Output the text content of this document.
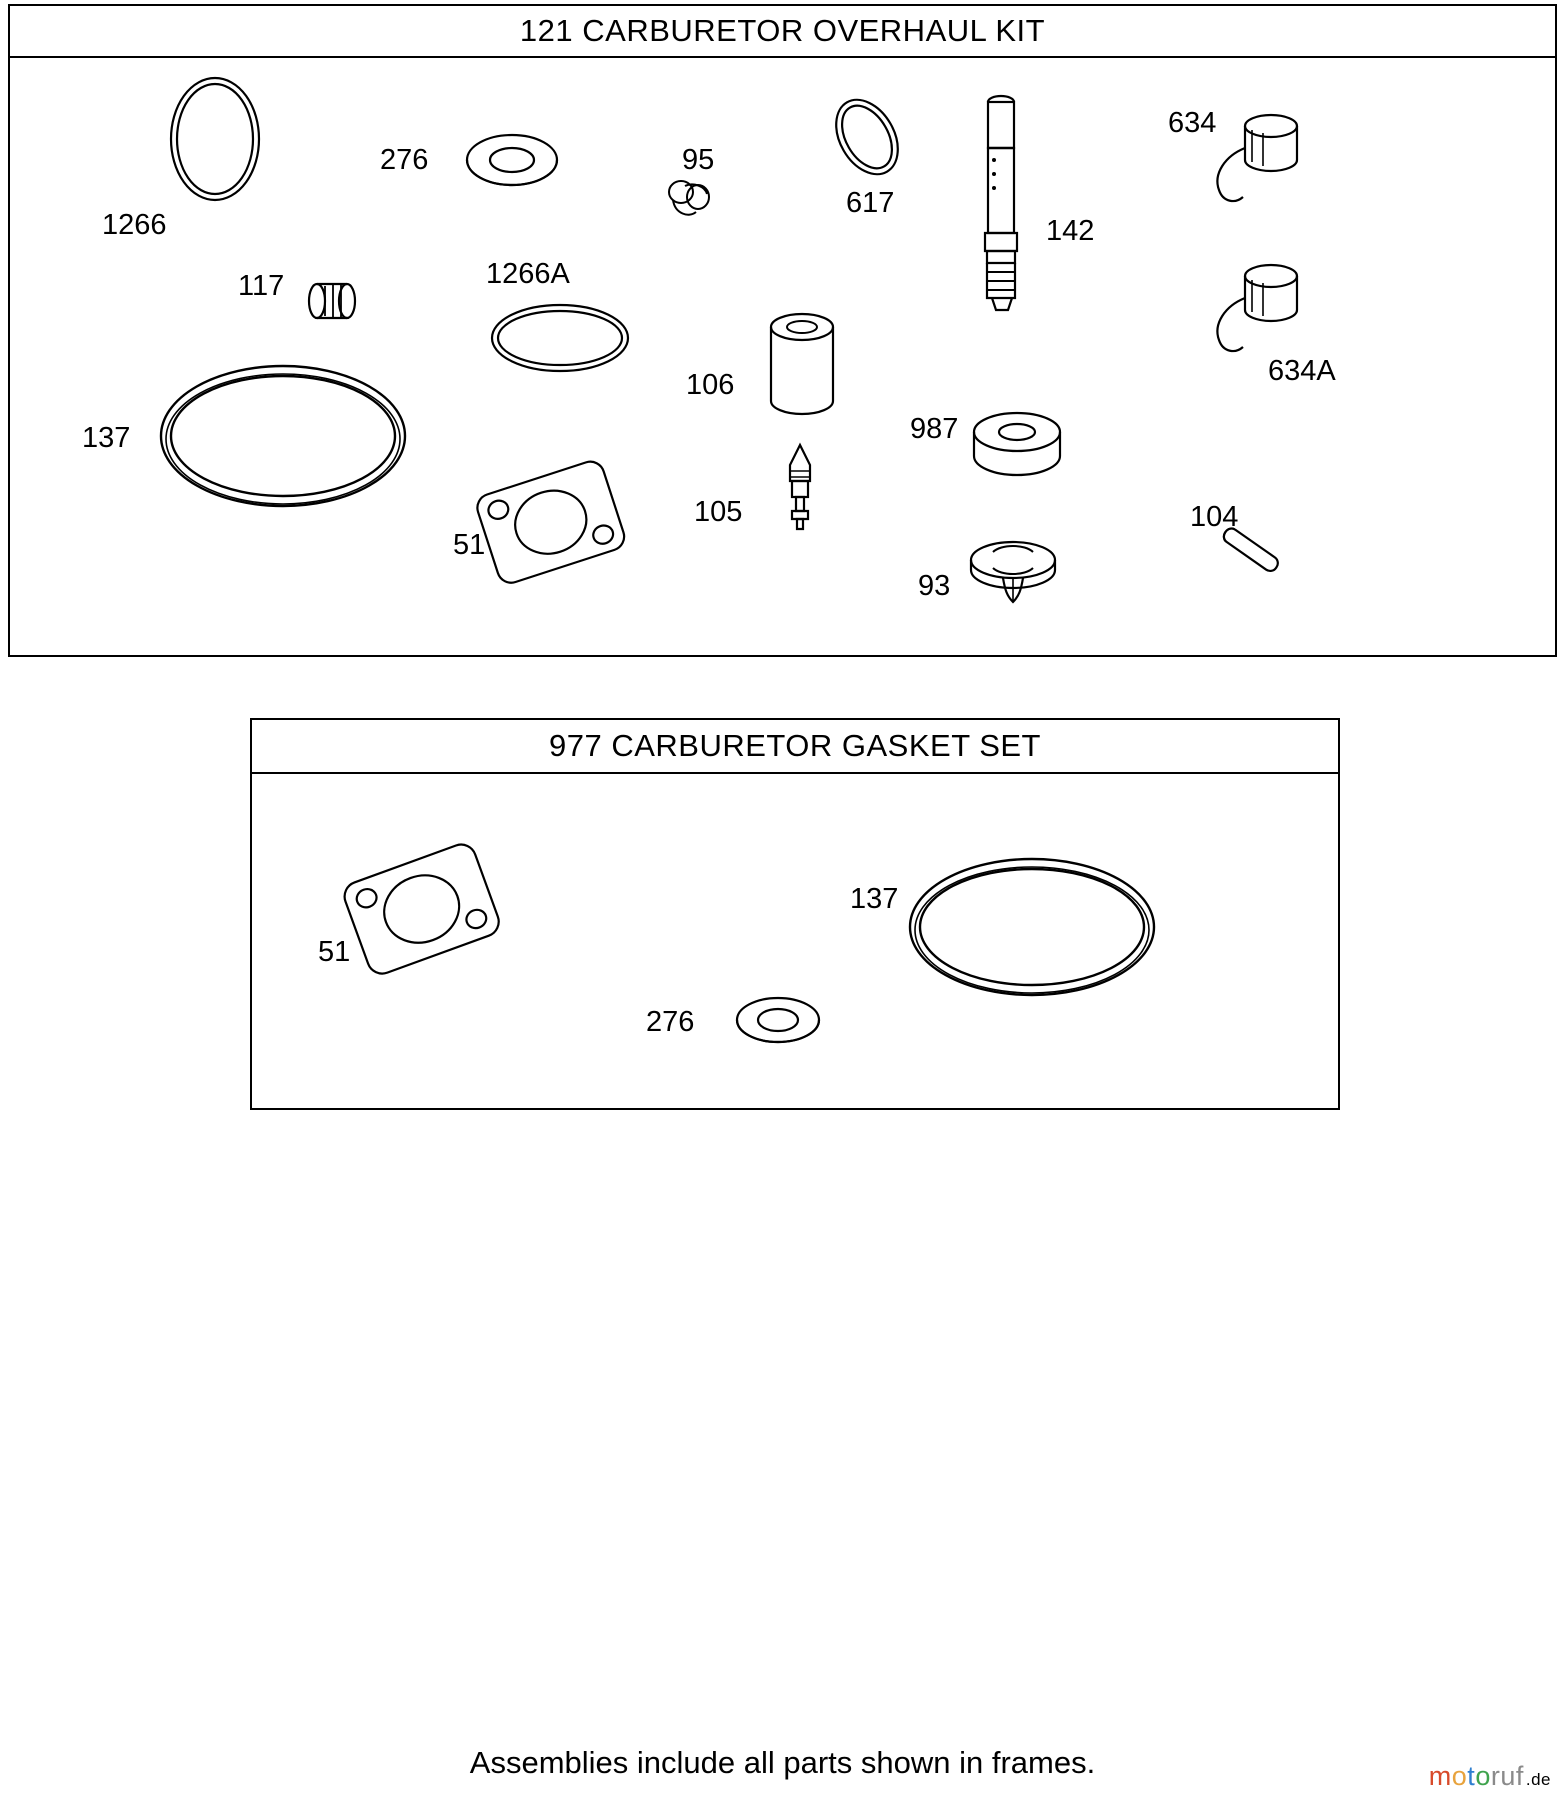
121 CARBURETOR OVERHAUL KIT
1266
276	95
617
142
634
634A
117	1266A
106
137
51
105
987
93
104
977 CARBURETOR GASKET SET
51
276
137
Assemblies include all parts shown in frames.	motoruf .de
